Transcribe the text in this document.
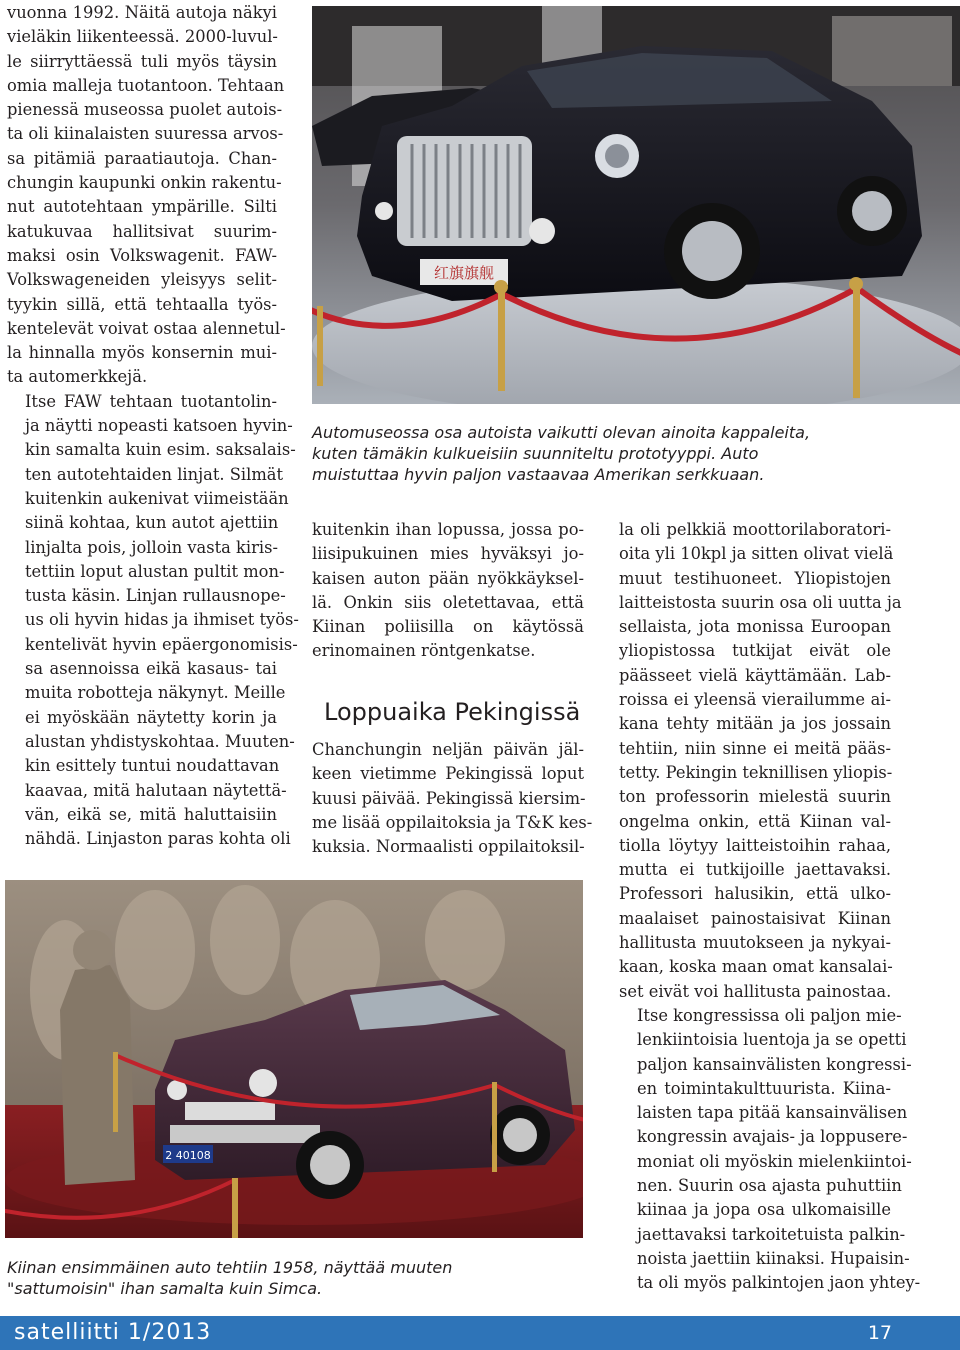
vuonna 1992. Näitä autoja näkyi
vieläkin liikenteessä. 2000-luvul-
le siirryttäessä tuli myös täysin
omia malleja tuotantoon. Tehtaan
pienessä museossa puolet autois-
ta oli kiinalaisten suuressa arvos-
sa pitämiä paraatiautoja. Chan-
chungin kaupunki onkin rakentu-
nut autotehtaan ympärille. Silti
katukuvaa hallitsivat suurim-
maksi osin Volkswagenit. FAW-
Volkswageneiden yleisyys selit-
tyykin sillä, että tehtaalla työs-
kentelevät voivat ostaa alennetul-
la hinnalla myös konsernin mui-
ta automerkkejä.

Itse FAW tehtaan tuotantolin-
ja näytti nopeasti katsoen hyvin-
kin samalta kuin esim. saksalais-
ten autotehtaiden linjat. Silmät
kuitenkin aukenivat viimeistään
siinä kohtaa, kun autot ajettiin
linjalta pois, jolloin vasta kiris-
tettiin loput alustan pultit mon-
tusta käsin. Linjan rullausnope-
us oli hyvin hidas ja ihmiset työs-
kentelivät hyvin epäergonomisis-
sa asennoissa eikä kasaus- tai
muita robotteja näkynyt. Meille
ei myöskään näytetty korin ja
alustan yhdistyskohtaa. Muuten-
kin esittely tuntui noudattavan
kaavaa, mitä halutaan näytettä-
vän, eikä se, mitä haluttaisiin
nähdä. Linjaston paras kohta oli

红旗旗舰

Automuseossa osa autoista vaikutti olevan ainoita kappaleita,
kuten tämäkin kulkueisiin suunniteltu prototyyppi. Auto
muistuttaa hyvin paljon vastaavaa Amerikan serkkuaan.

kuitenkin ihan lopussa, jossa po-
liisipukuinen mies hyväksyi jo-
kaisen auton pään nyökkäyksel-
lä. Onkin siis oletettavaa, että
Kiinan poliisilla on käytössä
erinomainen röntgenkatse.

Loppuaika Pekingissä

Chanchungin neljän päivän jäl-
keen vietimme Pekingissä loput
kuusi päivää. Pekingissä kiersim-
me lisää oppilaitoksia ja T&K kes-
kuksia. Normaalisti oppilaitoksil-

la oli pelkkiä moottorilaboratori-
oita yli 10kpl ja sitten olivat vielä
muut testihuoneet. Yliopistojen
laitteistosta suurin osa oli uutta ja
sellaista, jota monissa Euroopan
yliopistossa tutkijat eivät ole
päässeet vielä käyttämään. Lab-
roissa ei yleensä vierailumme ai-
kana tehty mitään ja jos jossain
tehtiin, niin sinne ei meitä pääs-
tetty. Pekingin teknillisen yliopis-
ton professorin mielestä suurin
ongelma onkin, että Kiinan val-
tiolla löytyy laitteistoihin rahaa,
mutta ei tutkijoille jaettavaksi.
Professori halusikin, että ulko-
maalaiset painostaisivat Kiinan
hallitusta muutokseen ja nykyai-
kaan, koska maan omat kansalai-
set eivät voi hallitusta painostaa.

Itse kongressissa oli paljon mie-
lenkiintoisia luentoja ja se opetti
paljon kansainvälisten kongressi-
en toimintakulttuurista. Kiina-
laisten tapa pitää kansainvälisen
kongressin avajais- ja loppusere-
moniat oli myöskin mielenkiintoi-
nen. Suurin osa ajasta puhuttiin
kiinaa ja jopa osa ulkomaisille
jaettavaksi tarkoitetuista palkin-
noista jaettiin kiinaksi. Hupaisin-
ta oli myös palkintojen jaon yhtey-

2 40108

Kiinan ensimmäinen auto tehtiin 1958, näyttää muuten
"sattumoisin" ihan samalta kuin Simca.

satelliitti 1/2013	17
